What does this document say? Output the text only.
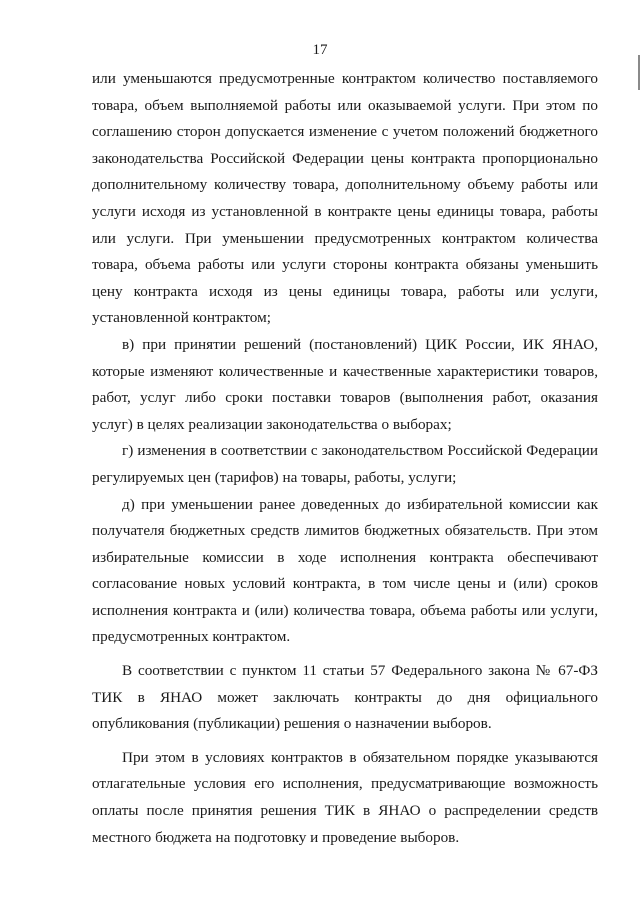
17

или уменьшаются предусмотренные контрактом количество поставляемого товара, объем выполняемой работы или оказываемой услуги. При этом по соглашению сторон допускается изменение с учетом положений бюджетного законодательства Российской Федерации цены контракта пропорционально дополнительному количеству товара, дополнительному объему работы или услуги исходя из установленной в контракте цены единицы товара, работы или услуги. При уменьшении предусмотренных контрактом количества товара, объема работы или услуги стороны контракта обязаны уменьшить цену контракта исходя из цены единицы товара, работы или услуги, установленной контрактом;

в) при принятии решений (постановлений) ЦИК России, ИК ЯНАО, которые изменяют количественные и качественные характеристики товаров, работ, услуг либо сроки поставки товаров (выполнения работ, оказания услуг) в целях реализации законодательства о выборах;

г) изменения в соответствии с законодательством Российской Федерации регулируемых цен (тарифов) на товары, работы, услуги;

д) при уменьшении ранее доведенных до избирательной комиссии как получателя бюджетных средств лимитов бюджетных обязательств. При этом избирательные комиссии в ходе исполнения контракта обеспечивают согласование новых условий контракта, в том числе цены и (или) сроков исполнения контракта и (или) количества товара, объема работы или услуги, предусмотренных контрактом.

В соответствии с пунктом 11 статьи 57 Федерального закона № 67-ФЗ ТИК в ЯНАО может заключать контракты до дня официального опубликования (публикации) решения о назначении выборов.

При этом в условиях контрактов в обязательном порядке указываются отлагательные условия его исполнения, предусматривающие возможность оплаты после принятия решения ТИК в ЯНАО о распределении средств местного бюджета на подготовку и проведение выборов.
